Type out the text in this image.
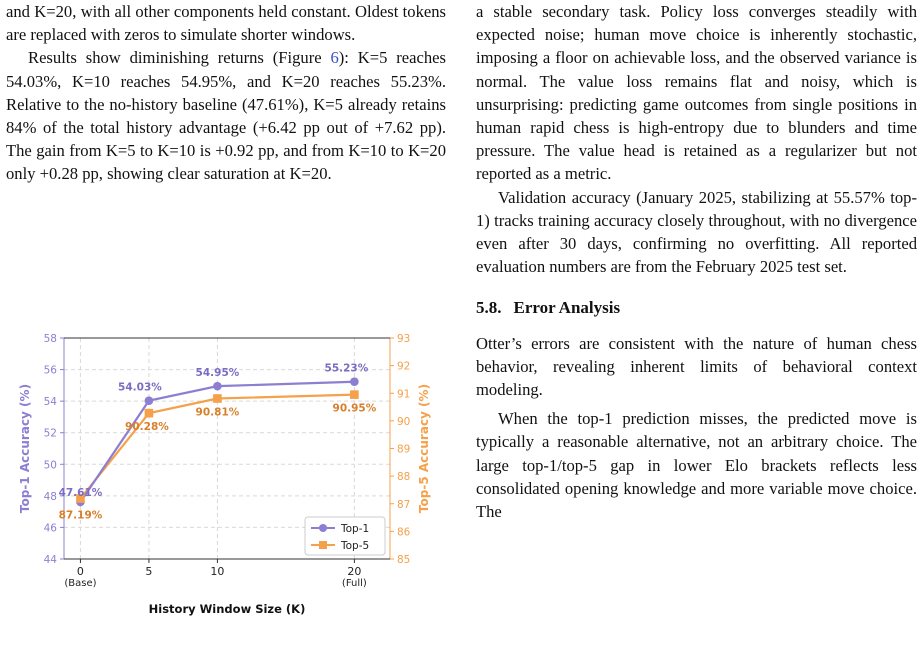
and K=20, with all other components held constant. Oldest tokens are replaced with zeros to simulate shorter windows.

Results show diminishing returns (Figure 6): K=5 reaches 54.03%, K=10 reaches 54.95%, and K=20 reaches 55.23%. Relative to the no-history baseline (47.61%), K=5 already retains 84% of the total history advantage (+6.42 pp out of +7.62 pp). The gain from K=5 to K=10 is +0.92 pp, and from K=10 to K=20 only +0.28 pp, showing clear saturation at K=20.

44
46
48
50
52
54
56
58
85
86
87
88
89
90
91
92
93
0
(Base)
5	10	20
(Full)
History Window Size (K)
Top-1 Accuracy (%)	Top-5 Accuracy (%)
47.61%
87.19%
54.03%
90.28%
54.95%
90.81%
55.23%
90.95%
Top-1
Top-5

a stable secondary task. Policy loss converges steadily with expected noise; human move choice is inherently stochastic, imposing a floor on achievable loss, and the observed variance is normal. The value loss remains flat and noisy, which is unsurprising: predicting game outcomes from single positions in human rapid chess is high-entropy due to blunders and time pressure. The value head is retained as a regularizer but not reported as a metric.

Validation accuracy (January 2025, stabilizing at 55.57% top-1) tracks training accuracy closely throughout, with no divergence even after 30 days, confirming no overfitting. All reported evaluation numbers are from the February 2025 test set.

5.8. Error Analysis

Otter’s errors are consistent with the nature of human chess behavior, revealing inherent limits of behavioral context modeling.

When the top-1 prediction misses, the predicted move is typically a reasonable alternative, not an arbitrary choice. The large top-1/top-5 gap in lower Elo brackets reflects less consolidated opening knowledge and more variable move choice. The
